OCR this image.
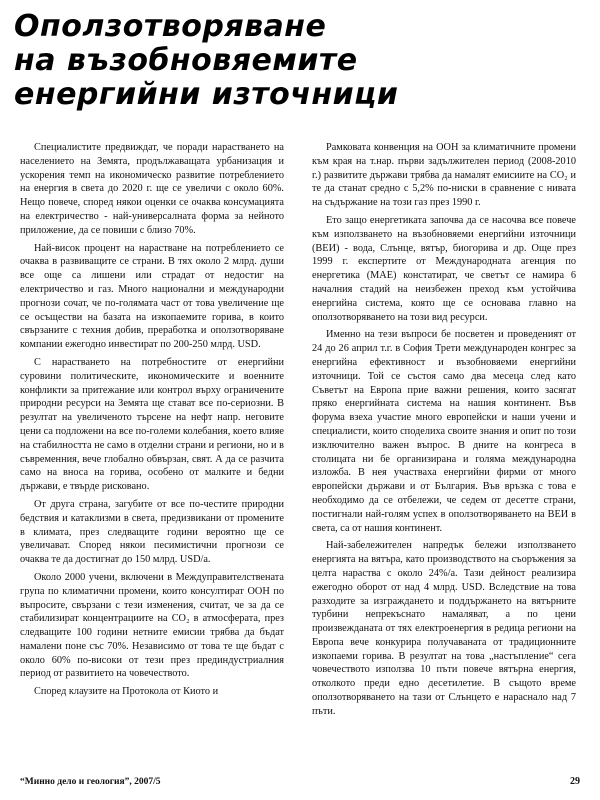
Оползотворяване
на възобновяемите
енергийни източници

Специалистите предвиждат, че поради нарастването на населението на Земята, продължаващата урбанизация и ускорения темп на икономическо развитие потреблението на енергия в света до 2020 г. ще се увеличи с около 60%. Нещо повече, според някои оценки се очаква консумацията на електричество - най-универсалната форма за нейното приложение, да се повиши с близо 70%.

Най-висок процент на нарастване на потреблението се очаква в развиващите се страни. В тях около 2 млрд. души все още са лишени или страдат от недостиг на електричество и газ. Много национални и международни прогнози сочат, че по-голямата част от това увеличение ще се осъществи на базата на изкопаемите горива, в които свързаните с техния добив, преработка и оползотворяване компании ежегодно инвестират по 200-250 млрд. USD.

С нарастването на потребностите от енергийни суровини политическите, икономическите и военните конфликти за притежание или контрол върху ограничените природни ресурси на Земята ще стават все по-сериозни. В резултат на увеличеното търсене на нефт напр. неговите цени са подложени на все по-големи колебания, което влияе на стабилността не само в отделни страни и региони, но и в съвременния, вече глобално обвързан, свят. А да се разчита само на вноса на горива, особено от малките и бедни държави, е твърде рисковано.

От друга страна, загубите от все по-честите природни бедствия и катаклизми в света, предизвикани от промените в климата, през следващите години вероятно ще се увеличават. Според някои песимистични прогнози се очаква те да достигнат до 150 млрд. USD/a.

Около 2000 учени, включени в Междуправителствената група по климатични промени, които консултират ООН по въпросите, свързани с тези изменения, считат, че за да се стабилизират концентрациите на CO₂ в атмосферата, през следващите 100 години нетните емисии трябва да бъдат намалени поне със 70%. Независимо от това те ще бъдат с около 60% по-високи от тези през прединдустриалния период от развитието на човечеството.

Според клаузите на Протокола от Киото и

Рамковата конвенция на ООН за климатичните промени към края на т.нар. първи задължителен период (2008-2010 г.) развитите държави трябва да намалят емисиите на CO₂ и те да станат средно с 5,2% по-ниски в сравнение с нивата на съдържание на този газ през 1990 г.

Ето защо енергетиката започва да се насочва все повече към използването на възобновяеми енергийни източници (ВЕИ) - вода, Слънце, вятър, биогорива и др. Още през 1999 г. експертите от Международната агенция по енергетика (МАЕ) констатират, че светът се намира 6 началния стадий на неизбежен преход към устойчива енергийна система, която ще се основава главно на оползотворяването на този вид ресурси.

Именно на тези въпроси бе посветен и проведеният от 24 до 26 април т.г. в София Трети международен конгрес за енергийна ефективност и възобновяеми енергийни източници. Той се състоя само два месеца след като Съветът на Европа прие важни решения, които засягат пряко енергийната система на нашия континент. Във форума взеха участие много европейски и наши учени и специалисти, които споделиха своите знания и опит по този изключително важен въпрос. В дните на конгреса в столицата ни бе организирана и голяма международна изложба. В нея участваха енергийни фирми от много европейски държави и от България. Във връзка с това е необходимо да се отбележи, че седем от десетте страни, постигнали най-голям успех в оползотворяването на ВЕИ в света, са от нашия континент.

Най-забележителен напредък бележи използването енергията на вятъра, като производството на съоръжения за целта нараства с около 24%/a. Тази дейност реализира ежегодно оборот от над 4 млрд. USD. Вследствие на това разходите за изграждането и поддържането на вятърните турбини непрекъснато намаляват, а по цени произвежданата от тях електроенергия в редица региони на Европа вече конкурира получаваната от традиционните изкопаеми горива. В резултат на това „настъпление“ сега човечеството използва 10 пъти повече вятърна енергия, отколкото преди едно десетилетие. В същото време оползотворяването на тази от Слънцето е нараснало над 7 пъти.

“Минно дело и геология”, 2007/5	29
